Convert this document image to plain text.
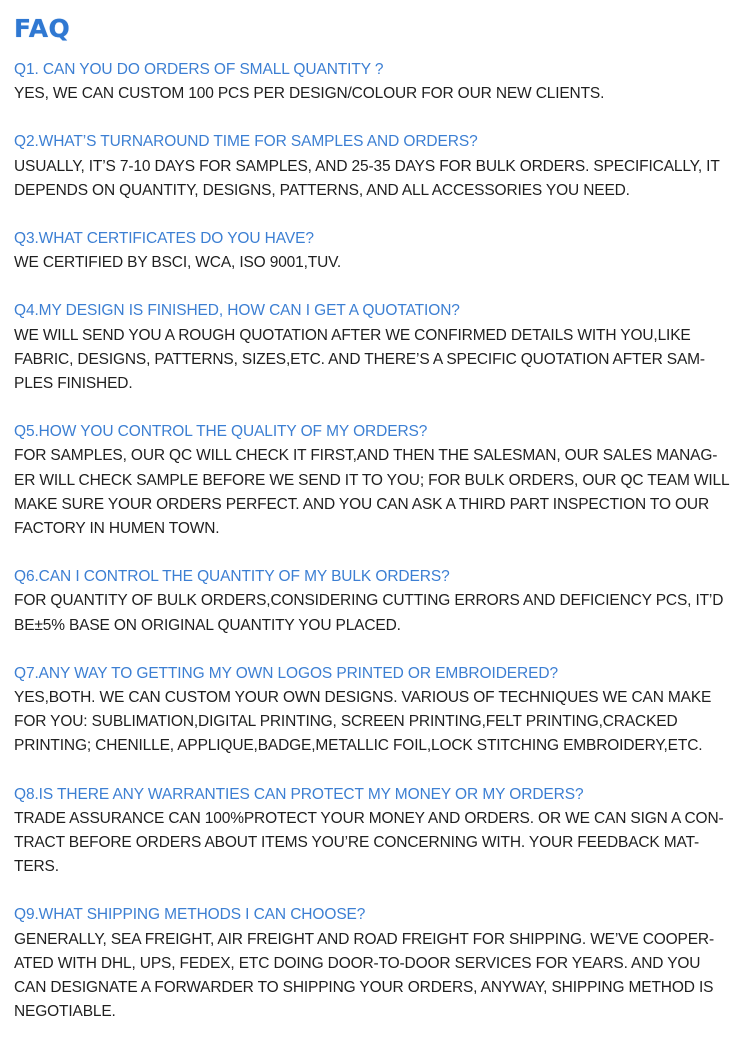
FAQ

Q1. CAN YOU DO ORDERS OF SMALL QUANTITY ?

YES, WE CAN CUSTOM 100 PCS PER DESIGN/COLOUR FOR OUR NEW CLIENTS.

Q2.WHAT’S TURNAROUND TIME FOR SAMPLES AND ORDERS?

USUALLY, IT’S 7-10 DAYS FOR SAMPLES, AND 25-35 DAYS FOR BULK ORDERS. SPECIFICALLY, IT
DEPENDS ON QUANTITY, DESIGNS, PATTERNS, AND ALL ACCESSORIES YOU NEED.

Q3.WHAT CERTIFICATES DO YOU HAVE?

WE CERTIFIED BY BSCI, WCA, ISO 9001,TUV.

Q4.MY DESIGN IS FINISHED, HOW CAN I GET A QUOTATION?

WE WILL SEND YOU A ROUGH QUOTATION AFTER WE CONFIRMED DETAILS WITH YOU,LIKE
FABRIC, DESIGNS, PATTERNS, SIZES,ETC. AND THERE’S A SPECIFIC QUOTATION AFTER SAM-
PLES FINISHED.

Q5.HOW YOU CONTROL THE QUALITY OF MY ORDERS?

FOR SAMPLES, OUR QC WILL CHECK IT FIRST,AND THEN THE SALESMAN, OUR SALES MANAG-
ER WILL CHECK SAMPLE BEFORE WE SEND IT TO YOU; FOR BULK ORDERS, OUR QC TEAM WILL
MAKE SURE YOUR ORDERS PERFECT. AND YOU CAN ASK A THIRD PART INSPECTION TO OUR
FACTORY IN HUMEN TOWN.

Q6.CAN I CONTROL THE QUANTITY OF MY BULK ORDERS?

FOR QUANTITY OF BULK ORDERS,CONSIDERING CUTTING ERRORS AND DEFICIENCY PCS, IT’D
BE±5% BASE ON ORIGINAL QUANTITY YOU PLACED.

Q7.ANY WAY TO GETTING MY OWN LOGOS PRINTED OR EMBROIDERED?

YES,BOTH. WE CAN CUSTOM YOUR OWN DESIGNS. VARIOUS OF TECHNIQUES WE CAN MAKE
FOR YOU: SUBLIMATION,DIGITAL PRINTING, SCREEN PRINTING,FELT PRINTING,CRACKED
PRINTING; CHENILLE, APPLIQUE,BADGE,METALLIC FOIL,LOCK STITCHING EMBROIDERY,ETC.

Q8.IS THERE ANY WARRANTIES CAN PROTECT MY MONEY OR MY ORDERS?

TRADE ASSURANCE CAN 100%PROTECT YOUR MONEY AND ORDERS. OR WE CAN SIGN A CON-
TRACT BEFORE ORDERS ABOUT ITEMS YOU’RE CONCERNING WITH. YOUR FEEDBACK MAT-
TERS.

Q9.WHAT SHIPPING METHODS I CAN CHOOSE?

GENERALLY, SEA FREIGHT, AIR FREIGHT AND ROAD FREIGHT FOR SHIPPING. WE’VE COOPER-
ATED WITH DHL, UPS, FEDEX, ETC DOING DOOR-TO-DOOR SERVICES FOR YEARS. AND YOU
CAN DESIGNATE A FORWARDER TO SHIPPING YOUR ORDERS, ANYWAY, SHIPPING METHOD IS
NEGOTIABLE.
